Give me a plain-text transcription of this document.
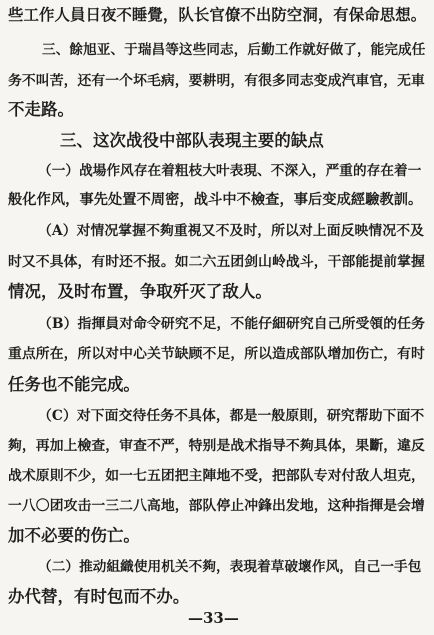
些工作人員日夜不睡覺，队长官僚不出防空洞，有保命思想。
三、餘旭亚、于瑞昌等这些同志，后勤工作就好做了，能完成任
务不叫苦，还有一个坏毛病，要耕明，有很多同志变成汽車官，无車
不走路。
三、这次战役中部队表現主要的缺点
（一）战場作风存在着粗枝大叶表現、不深入，严重的存在着一
般化作风，事先处置不周密，战斗中不檢查，事后变成經驗教訓。
（A）对情况掌握不夠重視又不及时，所以对上面反映情况不及
时又不具体，有时还不报。如二六五团剑山岭战斗，干部能提前掌握
情况，及时布置，争取歼灭了敌人。
（B）指揮員对命令研究不足，不能仔細研究自己所受領的任务
重点所在，所以对中心关节缺顾不足，所以造成部队增加伤亡，有时
任务也不能完成。
（C）对下面交待任务不具体，都是一般原則，研究帮助下面不
夠，再加上檢查，审查不严，特别是战术指导不夠具体，果斷，違反
战术原則不少，如一七五团把主陣地不受，把部队专对付敌人坦克，
一八〇团攻击一三二八高地，部队停止冲鋒出发地，这种指揮是会增
加不必要的伤亡。
（二）推动組織使用机关不夠，表現着草破壞作风，自己一手包
办代替，有时包而不办。
—33—
